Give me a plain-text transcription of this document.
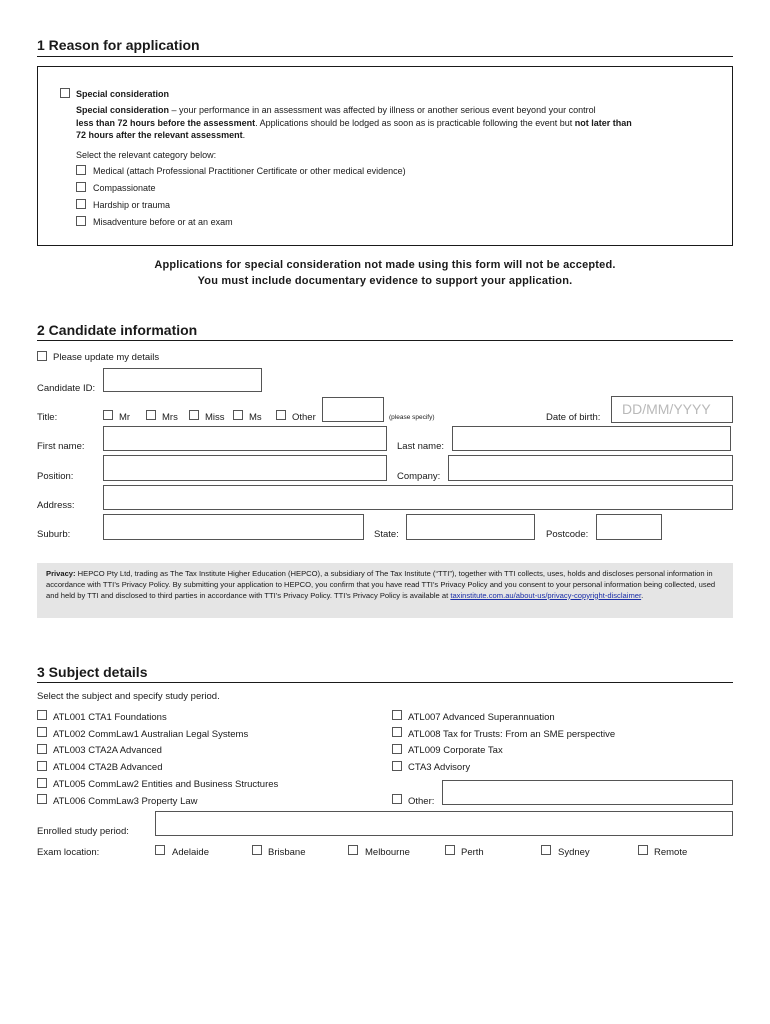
1 Reason for application
Special consideration
Special consideration – your performance in an assessment was affected by illness or another serious event beyond your control
less than 72 hours before the assessment. Applications should be lodged as soon as is practicable following the event but not later than
72 hours after the relevant assessment.
Select the relevant category below:
Medical (attach Professional Practitioner Certificate or other medical evidence)
Compassionate
Hardship or trauma
Misadventure before or at an exam
Applications for special consideration not made using this form will not be accepted.
You must include documentary evidence to support your application.
2 Candidate information
Please update my details
Candidate ID:
Title:	Mr	Mrs	Miss	Ms	Other	(please specify)	Date of birth:
DD/MM/YYYY
First name:	Last name:
Position:	Company:
Address:
Suburb:	State:	Postcode:
Privacy: HEPCO Pty Ltd, trading as The Tax Institute Higher Education (HEPCO), a subsidiary of The Tax Institute (“TTI”), together with TTI collects, uses, holds and discloses personal information in accordance with TTI’s Privacy Policy. By submitting your application to HEPCO, you confirm that you have read TTI’s Privacy Policy and you consent to your personal information being collected, used and held by TTI and disclosed to third parties in accordance with TTI’s Privacy Policy. TTI’s Privacy Policy is available at taxinstitute.com.au/about-us/privacy-copyright-disclaimer.
3 Subject details
Select the subject and specify study period.
ATL001 CTA1 Foundations
ATL002 CommLaw1 Australian Legal Systems
ATL003 CTA2A Advanced
ATL004 CTA2B Advanced
ATL005 CommLaw2 Entities and Business Structures
ATL006 CommLaw3 Property Law
ATL007 Advanced Superannuation
ATL008 Tax for Trusts: From an SME perspective
ATL009 Corporate Tax
CTA3 Advisory
Other:
Enrolled study period:
Exam location:	Adelaide	Brisbane	Melbourne	Perth	Sydney	Remote
